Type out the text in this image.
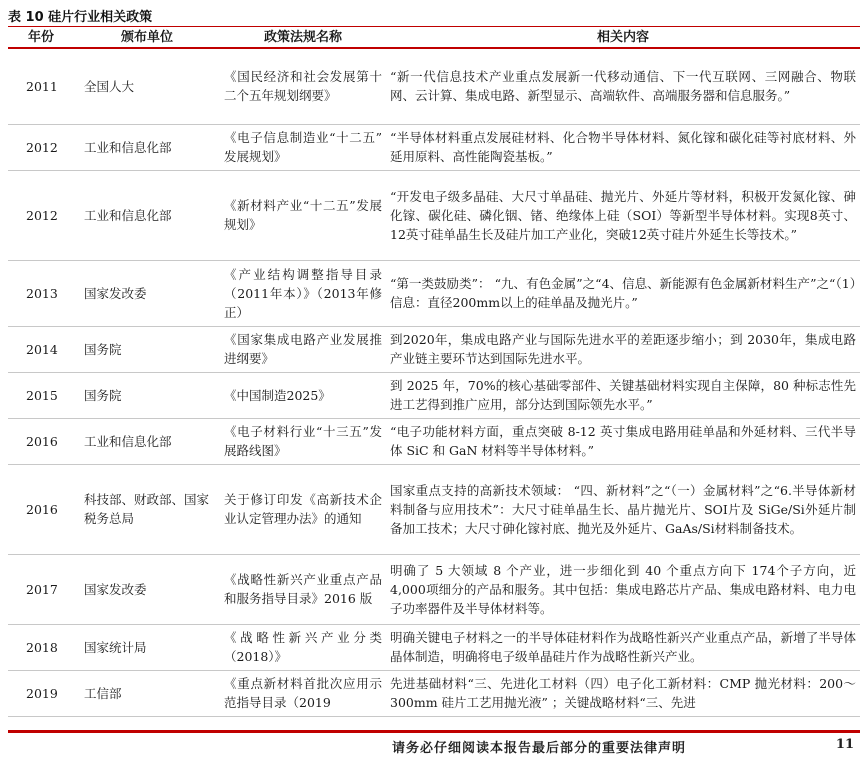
表 10 硅片行业相关政策
年份	颁布单位	政策法规名称	相关内容
2011	全国人大	《国民经济和社会发展第十二个五年规划纲要》	“新一代信息技术产业重点发展新一代移动通信、下一代互联网、三网融合、物联网、云计算、集成电路、新型显示、高端软件、高端服务器和信息服务。”
2012	工业和信息化部	《电子信息制造业“十二五” 发展规划》	“半导体材料重点发展硅材料、化合物半导体材料、氮化镓和碳化硅等衬底材料、外延用原料、高性能陶瓷基板。”
2012	工业和信息化部	《新材料产业“十二五”发展规划》	“开发电子级多晶硅、大尺寸单晶硅、抛光片、外延片等材料，积极开发氮化镓、砷化镓、碳化硅、磷化铟、锗、绝缘体上硅（SOI）等新型半导体材料。实现8英寸、12英寸硅单晶生长及硅片加工产业化，突破12英寸硅片外延生长等技术。”
2013	国家发改委	《产业结构调整指导目录（2011年本）》（2013年修正）	“第一类鼓励类”： “九、有色金属”之“4、信息、新能源有色金属新材料生产”之“（1）信息：直径200mm以上的硅单晶及抛光片。”
2014	国务院	《国家集成电路产业发展推进纲要》	到2020年，集成电路产业与国际先进水平的差距逐步缩小；到 2030年，集成电路产业链主要环节达到国际先进水平。
2015	国务院	《中国制造2025》	到 2025 年，70%的核心基础零部件、关键基础材料实现自主保障，80 种标志性先进工艺得到推广应用，部分达到国际领先水平。”
2016	工业和信息化部	《电子材料行业“十三五”发展路线图》	“电子功能材料方面，重点突破 8-12 英寸集成电路用硅单晶和外延材料、三代半导体 SiC 和 GaN 材料等半导体材料。”
2016	科技部、财政部、国家税务总局	关于修订印发《高新技术企业认定管理办法》的通知	国家重点支持的高新技术领域： “四、新材料”之“（一）金属材料”之“6.半导体新材料制备与应用技术”：大尺寸硅单晶生长、晶片抛光片、SOI片及 SiGe/Si外延片制备加工技术；大尺寸砷化镓衬底、抛光及外延片、GaAs/Si材料制备技术。
2017	国家发改委	《战略性新兴产业重点产品和服务指导目录》2016 版	明确了 5 大领域 8 个产业，进一步细化到 40 个重点方向下 174个子方向，近 4,000项细分的产品和服务。其中包括：集成电路芯片产品、集成电路材料、电力电子功率器件及半导体材料等。
2018	国家统计局	《战略性新兴产业分类（2018）》	明确关键电子材料之一的半导体硅材料作为战略性新兴产业重点产品，新增了半导体晶体制造，明确将电子级单晶硅片作为战略性新兴产业。
2019	工信部	《重点新材料首批次应用示范指导目录（2019	先进基础材料“三、先进化工材料（四）电子化工新材料：CMP 抛光材料：200～300mm 硅片工艺用抛光液” ；关键战略材料“三、先进
请务必仔细阅读本报告最后部分的重要法律声明	11
